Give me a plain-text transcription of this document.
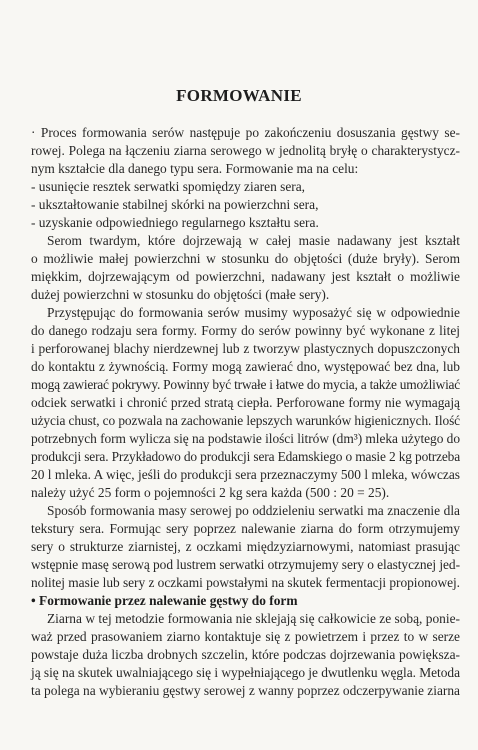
FORMOWANIE
· Proces formowania serów następuje po zakończeniu dosuszania gęstwy se-
rowej. Polega na łączeniu ziarna serowego w jednolitą bryłę o charakterystycz-
nym kształcie dla danego typu sera. Formowanie ma na celu:
- usunięcie resztek serwatki spomiędzy ziaren sera,
- ukształtowanie stabilnej skórki na powierzchni sera,
- uzyskanie odpowiedniego regularnego kształtu sera.
Serom twardym, które dojrzewają w całej masie nadawany jest kształt
o możliwie małej powierzchni w stosunku do objętości (duże bryły). Serom
miękkim, dojrzewającym od powierzchni, nadawany jest kształt o możliwie
dużej powierzchni w stosunku do objętości (małe sery).
Przystępując do formowania serów musimy wyposażyć się w odpowiednie
do danego rodzaju sera formy. Formy do serów powinny być wykonane z litej
i perforowanej blachy nierdzewnej lub z tworzyw plastycznych dopuszczonych
do kontaktu z żywnością. Formy mogą zawierać dno, występować bez dna, lub
mogą zawierać pokrywy. Powinny być trwałe i łatwe do mycia, a także umożliwiać
odciek serwatki i chronić przed stratą ciepła. Perforowane formy nie wymagają
użycia chust, co pozwala na zachowanie lepszych warunków higienicznych. Ilość
potrzebnych form wylicza się na podstawie ilości litrów (dm³) mleka użytego do
produkcji sera. Przykładowo do produkcji sera Edamskiego o masie 2 kg potrzeba
20 l mleka. A więc, jeśli do produkcji sera przeznaczymy 500 l mleka, wówczas
należy użyć 25 form o pojemności 2 kg sera każda (500 : 20 = 25).
Sposób formowania masy serowej po oddzieleniu serwatki ma znaczenie dla
tekstury sera. Formując sery poprzez nalewanie ziarna do form otrzymujemy
sery o strukturze ziarnistej, z oczkami międzyziarnowymi, natomiast prasując
wstępnie masę serową pod lustrem serwatki otrzymujemy sery o elastycznej jed-
nolitej masie lub sery z oczkami powstałymi na skutek fermentacji propionowej.
• Formowanie przez nalewanie gęstwy do form
Ziarna w tej metodzie formowania nie sklejają się całkowicie ze sobą, ponie-
waż przed prasowaniem ziarno kontaktuje się z powietrzem i przez to w serze
powstaje duża liczba drobnych szczelin, które podczas dojrzewania powiększa-
ją się na skutek uwalniającego się i wypełniającego je dwutlenku węgla. Metoda
ta polega na wybieraniu gęstwy serowej z wanny poprzez odczerpywanie ziarna
